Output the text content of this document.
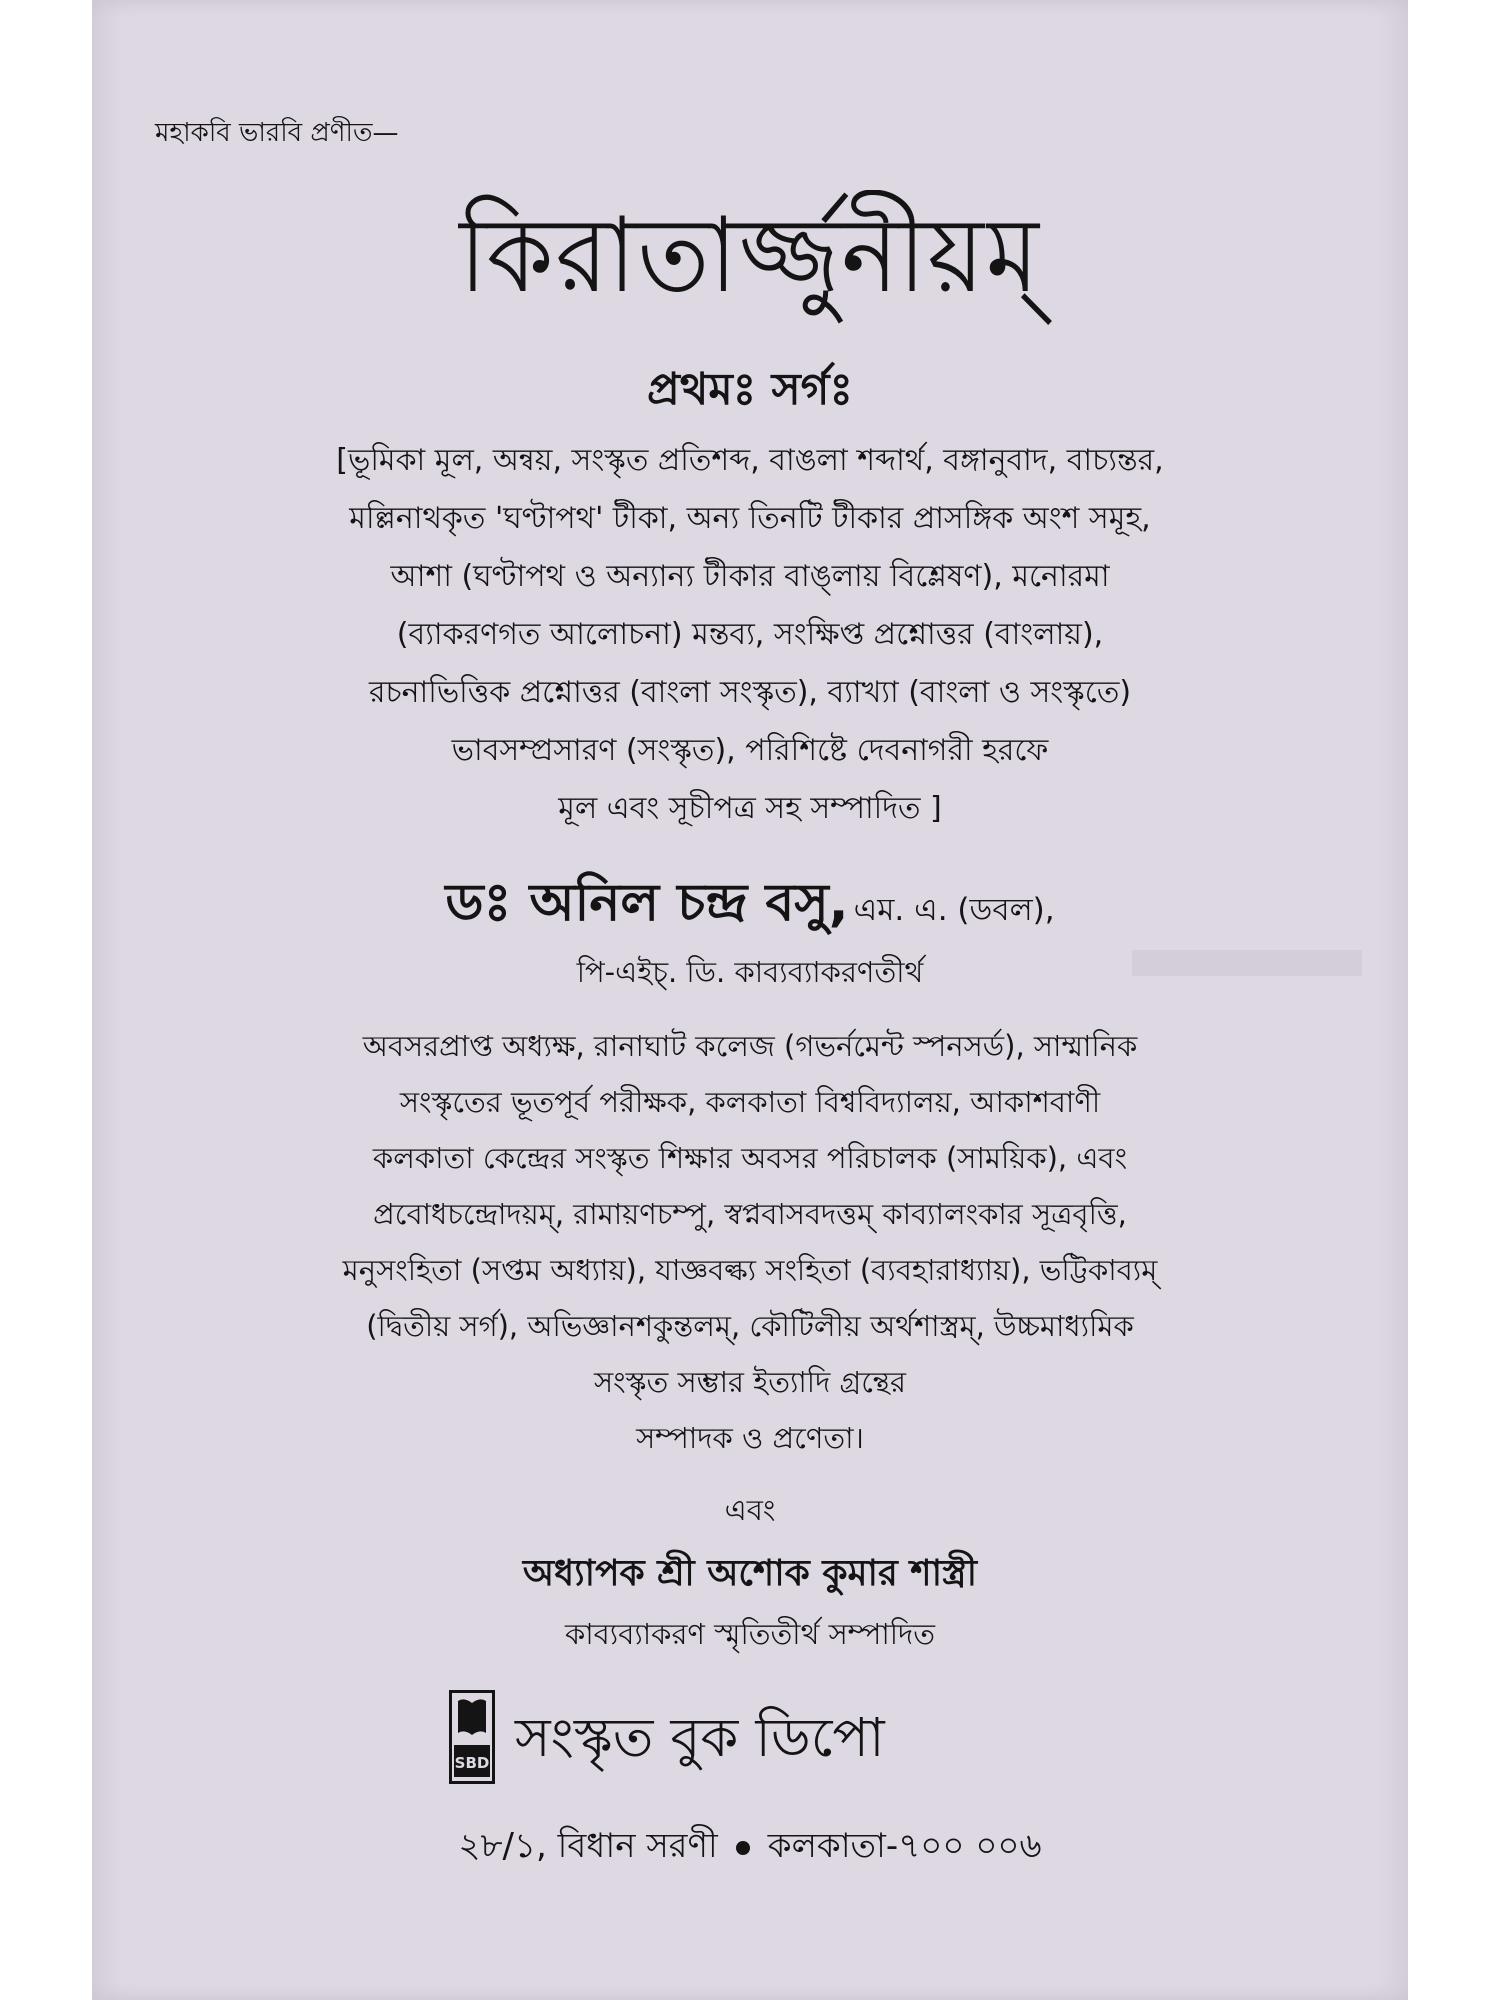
মহাকবি ভারবি প্রণীত—
কিরাতার্জ্জুনীয়ম্
প্রথমঃ সর্গঃ
[ভূমিকা মূল, অন্বয়, সংস্কৃত প্রতিশব্দ, বাঙলা শব্দার্থ, বঙ্গানুবাদ, বাচ্যন্তর,
মল্লিনাথকৃত 'ঘণ্টাপথ' টীকা, অন্য তিনটি টীকার প্রাসঙ্গিক অংশ সমূহ,
আশা (ঘণ্টাপথ ও অন্যান্য টীকার বাঙ্‌লায় বিশ্লেষণ), মনোরমা
(ব্যাকরণগত আলোচনা) মন্তব্য, সংক্ষিপ্ত প্রশ্নোত্তর (বাংলায়),
রচনাভিত্তিক প্রশ্নোত্তর (বাংলা সংস্কৃত), ব্যাখ্যা (বাংলা ও সংস্কৃতে)
ভাবসম্প্রসারণ (সংস্কৃত), পরিশিষ্টে দেবনাগরী হরফে
মূল এবং সূচীপত্র সহ সম্পাদিত ]
ডঃ অনিল চন্দ্র বসু, এম. এ. (ডবল),
পি-এইচ্. ডি. কাব্যব্যাকরণতীর্থ
অবসরপ্রাপ্ত অধ্যক্ষ, রানাঘাট কলেজ (গভর্নমেন্ট স্পনসর্ড), সাম্মানিক
সংস্কৃতের ভূতপূর্ব পরীক্ষক, কলকাতা বিশ্ববিদ্যালয়, আকাশবাণী
কলকাতা কেন্দ্রের সংস্কৃত শিক্ষার অবসর পরিচালক (সাময়িক), এবং
প্রবোধচন্দ্রোদয়ম্, রামায়ণচম্পু, স্বপ্নবাসবদত্তম্ কাব্যালংকার সূত্রবৃত্তি,
মনুসংহিতা (সপ্তম অধ্যায়), যাজ্ঞবল্ক্য সংহিতা (ব্যবহারাধ্যায়), ভট্টিকাব্যম্
(দ্বিতীয় সর্গ), অভিজ্ঞানশকুন্তলম্, কৌটিলীয় অর্থশাস্ত্রম্, উচ্চমাধ্যমিক
সংস্কৃত সম্ভার ইত্যাদি গ্রন্থের
সম্পাদক ও প্রণেতা।
এবং
অধ্যাপক শ্রী অশোক কুমার শাস্ত্রী
কাব্যব্যাকরণ স্মৃতিতীর্থ সম্পাদিত
SBD সংস্কৃত বুক ডিপো
২৮/১, বিধান সরণী কলকাতা-৭০০ ০০৬
